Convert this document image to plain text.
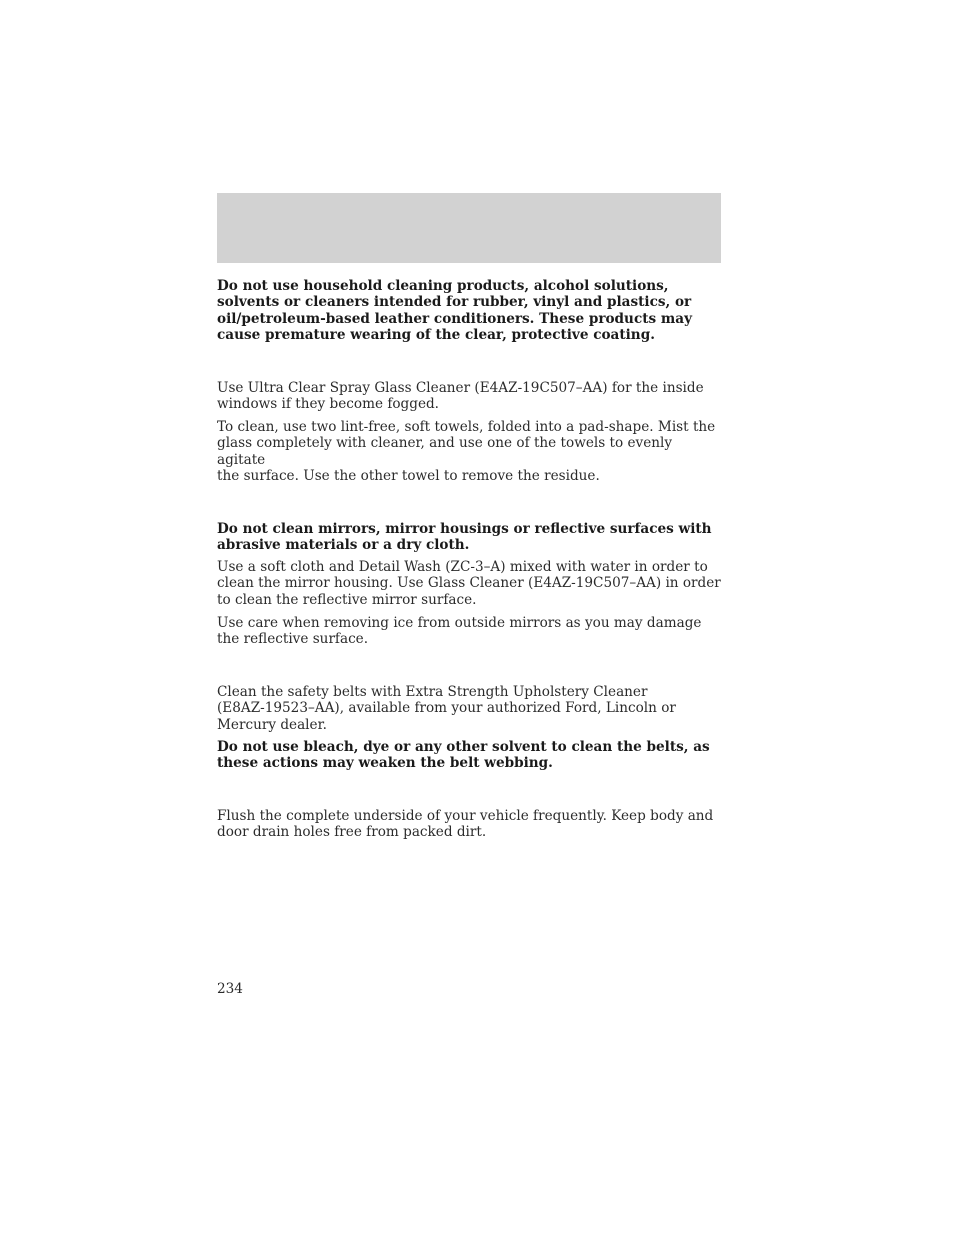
Do not use household cleaning products, alcohol solutions,
solvents or cleaners intended for rubber, vinyl and plastics, or
oil/petroleum-based leather conditioners. These products may
cause premature wearing of the clear, protective coating.

Use Ultra Clear Spray Glass Cleaner (E4AZ-19C507–AA) for the inside
windows if they become fogged.

To clean, use two lint-free, soft towels, folded into a pad-shape. Mist the
glass completely with cleaner, and use one of the towels to evenly agitate
the surface. Use the other towel to remove the residue.

Do not clean mirrors, mirror housings or reflective surfaces with
abrasive materials or a dry cloth.

Use a soft cloth and Detail Wash (ZC-3–A) mixed with water in order to
clean the mirror housing. Use Glass Cleaner (E4AZ-19C507–AA) in order
to clean the reflective mirror surface.

Use care when removing ice from outside mirrors as you may damage
the reflective surface.

Clean the safety belts with Extra Strength Upholstery Cleaner
(E8AZ-19523–AA), available from your authorized Ford, Lincoln or
Mercury dealer.

Do not use bleach, dye or any other solvent to clean the belts, as
these actions may weaken the belt webbing.

Flush the complete underside of your vehicle frequently. Keep body and
door drain holes free from packed dirt.

234
